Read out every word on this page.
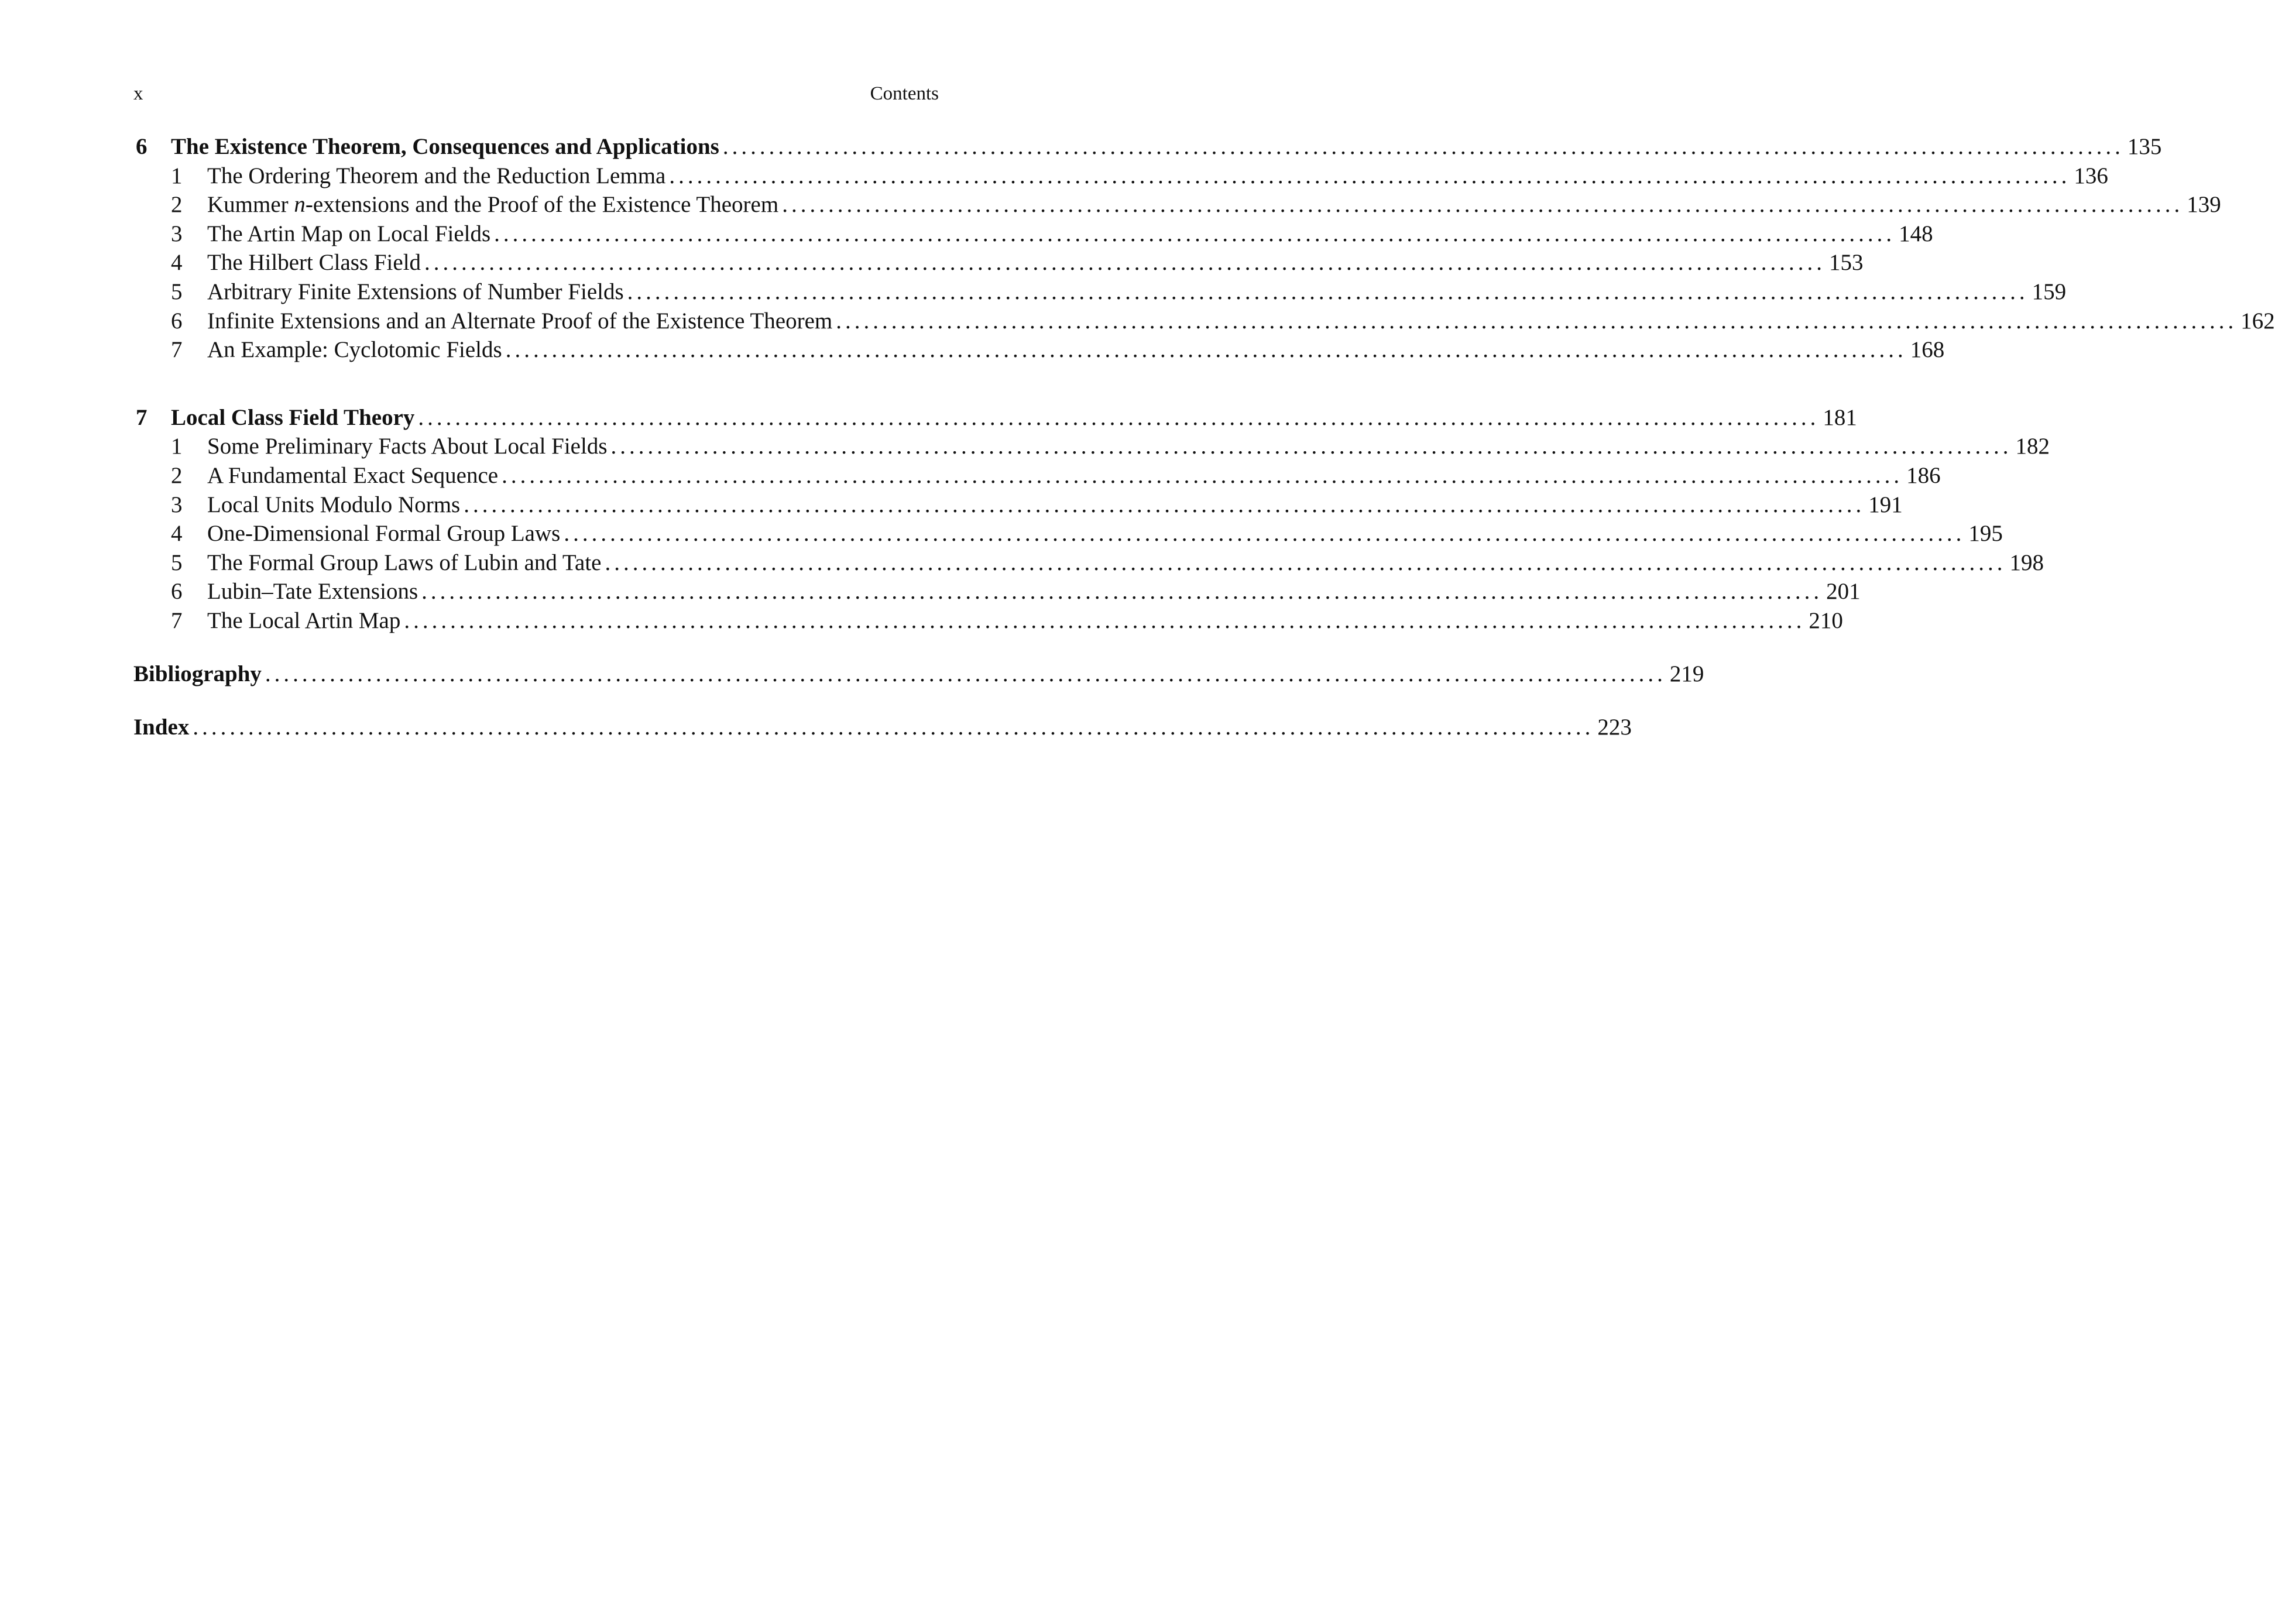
x	Contents
6	The Existence Theorem, Consequences and Applications ........................................................................................................................................................ 135
1	The Ordering Theorem and the Reduction Lemma ........................................................................................................................................................ 136
2	Kummer n-extensions and the Proof of the Existence Theorem ........................................................................................................................................................ 139
3	The Artin Map on Local Fields ........................................................................................................................................................ 148
4	The Hilbert Class Field ........................................................................................................................................................ 153
5	Arbitrary Finite Extensions of Number Fields ........................................................................................................................................................ 159
6	Infinite Extensions and an Alternate Proof of the Existence Theorem ........................................................................................................................................................ 162
7	An Example: Cyclotomic Fields ........................................................................................................................................................ 168
7	Local Class Field Theory ........................................................................................................................................................ 181
1	Some Preliminary Facts About Local Fields ........................................................................................................................................................ 182
2	A Fundamental Exact Sequence ........................................................................................................................................................ 186
3	Local Units Modulo Norms ........................................................................................................................................................ 191
4	One-Dimensional Formal Group Laws ........................................................................................................................................................ 195
5	The Formal Group Laws of Lubin and Tate ........................................................................................................................................................ 198
6	Lubin–Tate Extensions ........................................................................................................................................................ 201
7	The Local Artin Map ........................................................................................................................................................ 210
Bibliography ........................................................................................................................................................ 219
Index ........................................................................................................................................................ 223
